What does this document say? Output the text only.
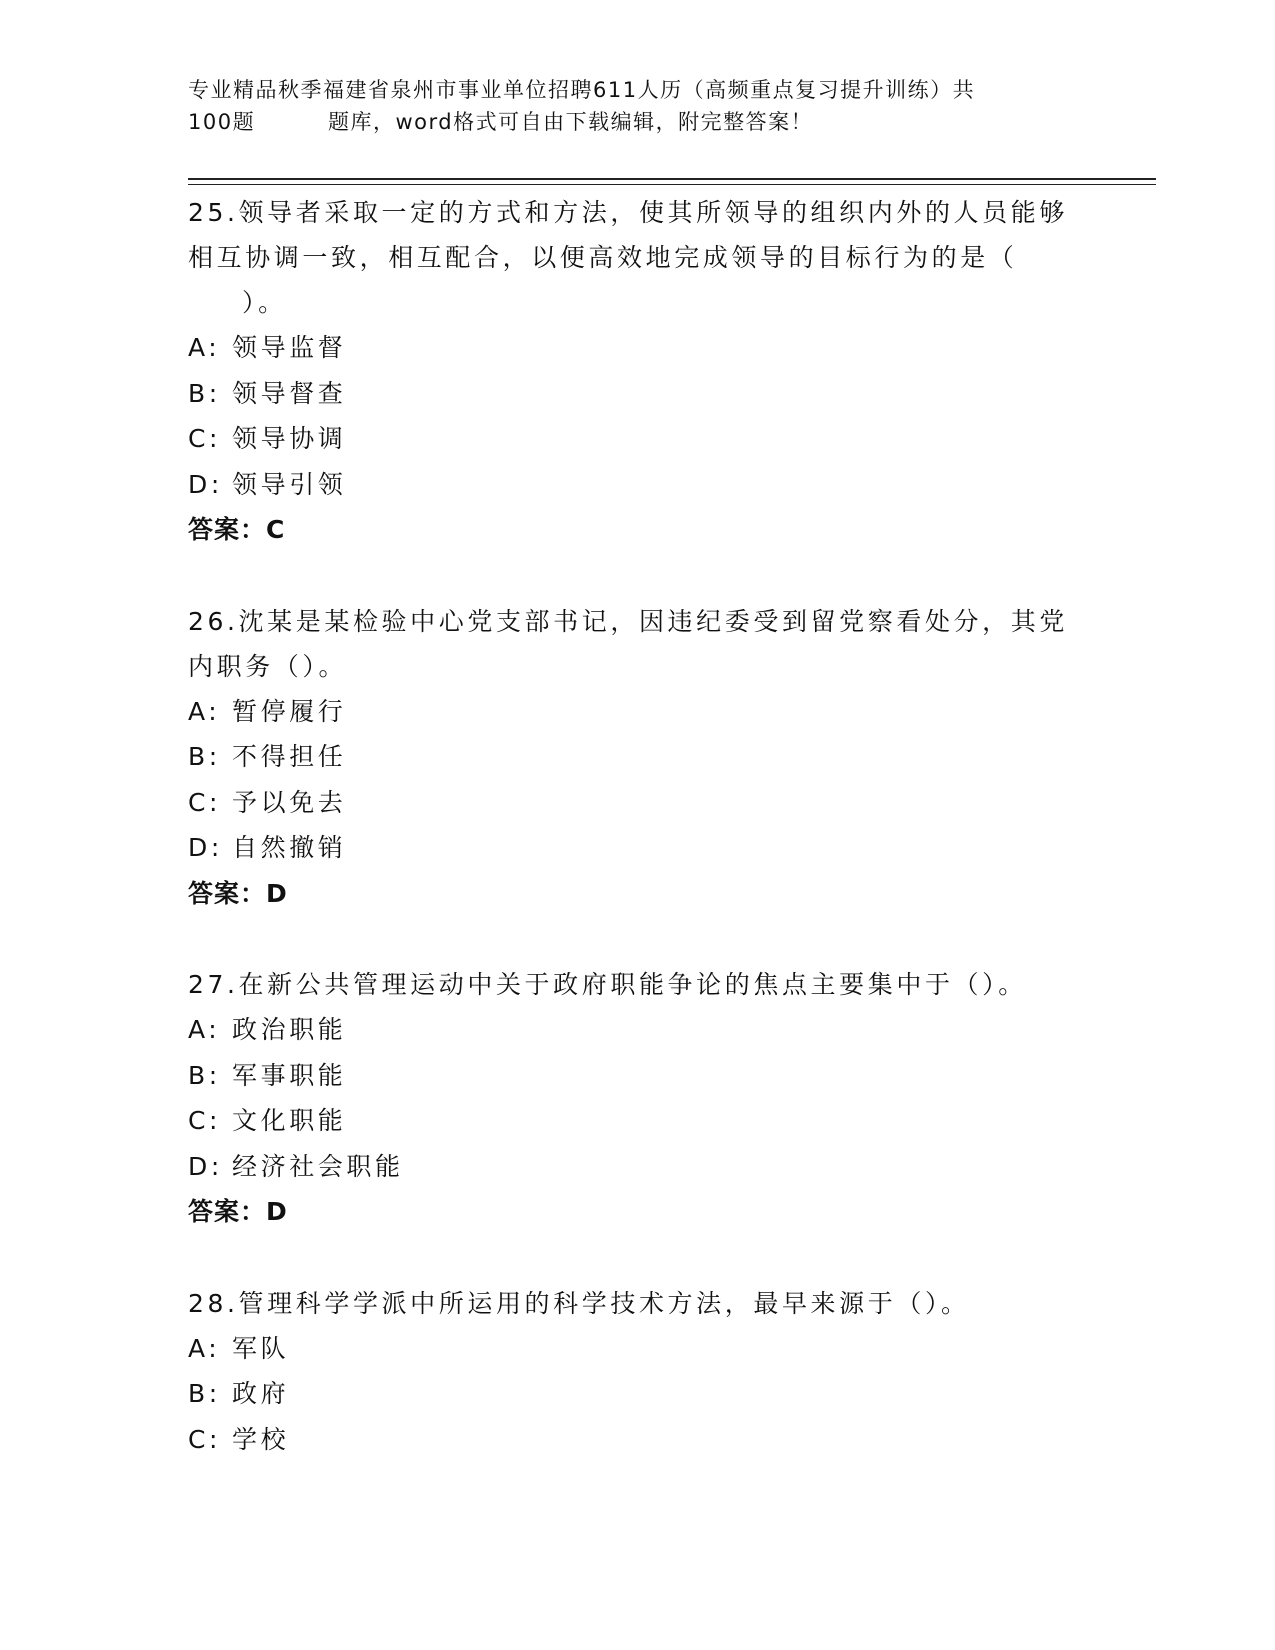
专业精品秋季福建省泉州市事业单位招聘611人历（高频重点复习提升训练）共
100题	题库，word格式可自由下载编辑，附完整答案！

25.领导者采取一定的方式和方法，使其所领导的组织内外的人员能够

相互协调一致，相互配合，以便高效地完成领导的目标行为的是（

）。

A: 领导监督
B: 领导督查
C: 领导协调
D: 领导引领
答案：C

26.沈某是某检验中心党支部书记，因违纪委受到留党察看处分，其党

内职务（）。

A: 暂停履行
B: 不得担任
C: 予以免去
D: 自然撤销
答案：D

27.在新公共管理运动中关于政府职能争论的焦点主要集中于（）。

A: 政治职能
B: 军事职能
C: 文化职能
D: 经济社会职能
答案：D

28.管理科学学派中所运用的科学技术方法，最早来源于（）。

A: 军队
B: 政府
C: 学校
